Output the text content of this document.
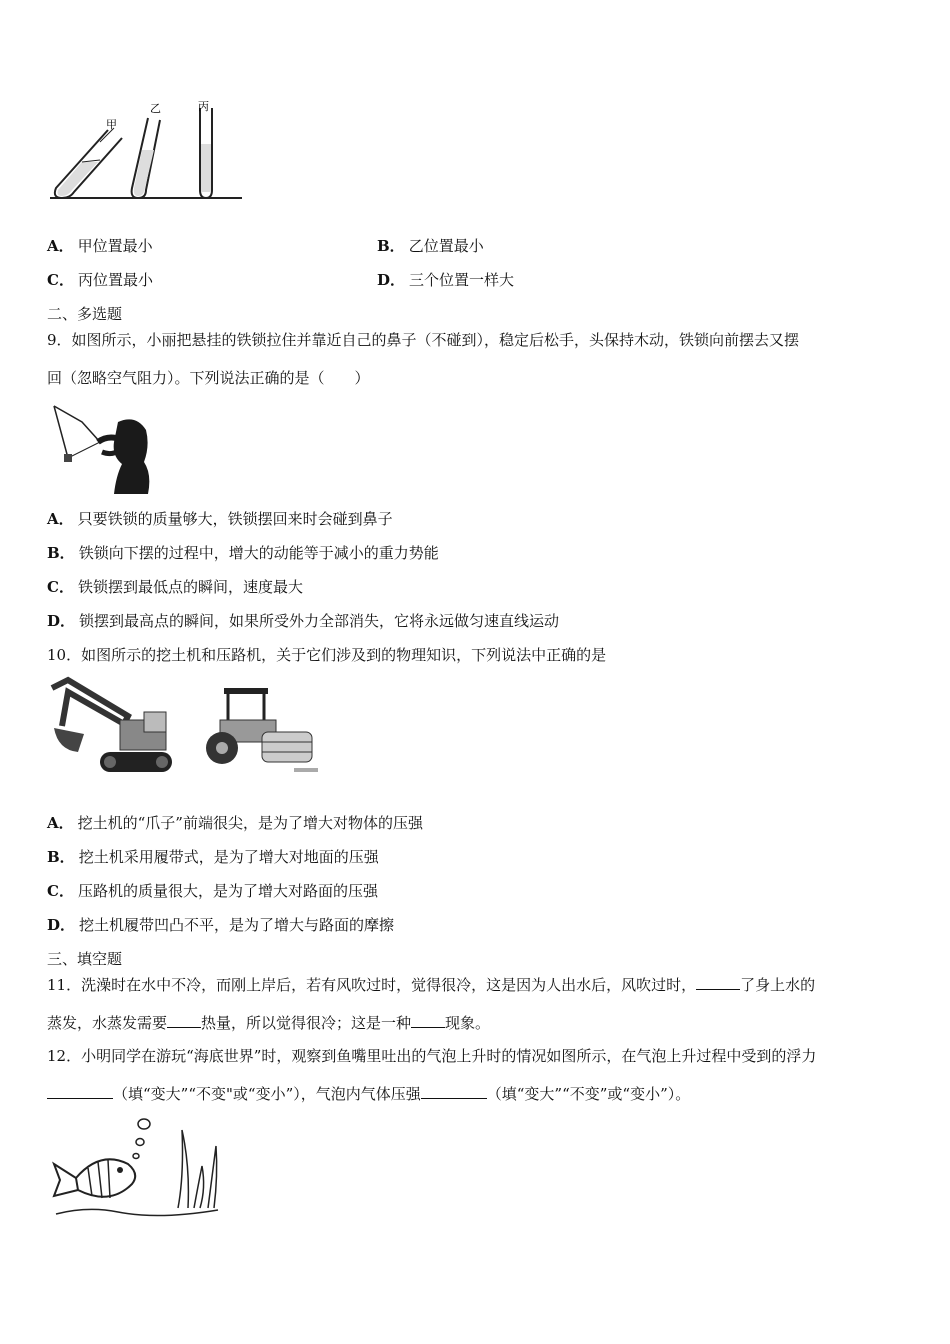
甲
乙	丙
A． 甲位置最小	B． 乙位置最小
C． 丙位置最小	D． 三个位置一样大
二、多选题
9．如图所示，小丽把悬挂的铁锁拉住并靠近自己的鼻子（不碰到），稳定后松手，头保持木动，铁锁向前摆去又摆
回（忽略空气阻力）。下列说法正确的是（　　）
A． 只要铁锁的质量够大，铁锁摆回来时会碰到鼻子
B． 铁锁向下摆的过程中，增大的动能等于减小的重力势能
C． 铁锁摆到最低点的瞬间，速度最大
D． 锁摆到最高点的瞬间，如果所受外力全部消失，它将永远做匀速直线运动
10．如图所示的挖土机和压路机，关于它们涉及到的物理知识，下列说法中正确的是
A． 挖土机的“爪子”前端很尖，是为了增大对物体的压强
B． 挖土机采用履带式，是为了增大对地面的压强
C． 压路机的质量很大，是为了增大对路面的压强
D． 挖土机履带凹凸不平，是为了增大与路面的摩擦
三、填空题
11．洗澡时在水中不冷，而刚上岸后，若有风吹过时，觉得很冷，这是因为人出水后，风吹过时，	了身上水的
蒸发，水蒸发需要 热量，所以觉得很冷；这是一种 现象。
12．小明同学在游玩“海底世界”时，观察到鱼嘴里吐出的气泡上升时的情况如图所示，在气泡上升过程中受到的浮力
（填“变大”“不变"或“变小”），气泡内气体压强	（填“变大”“不变”或“变小”）。
